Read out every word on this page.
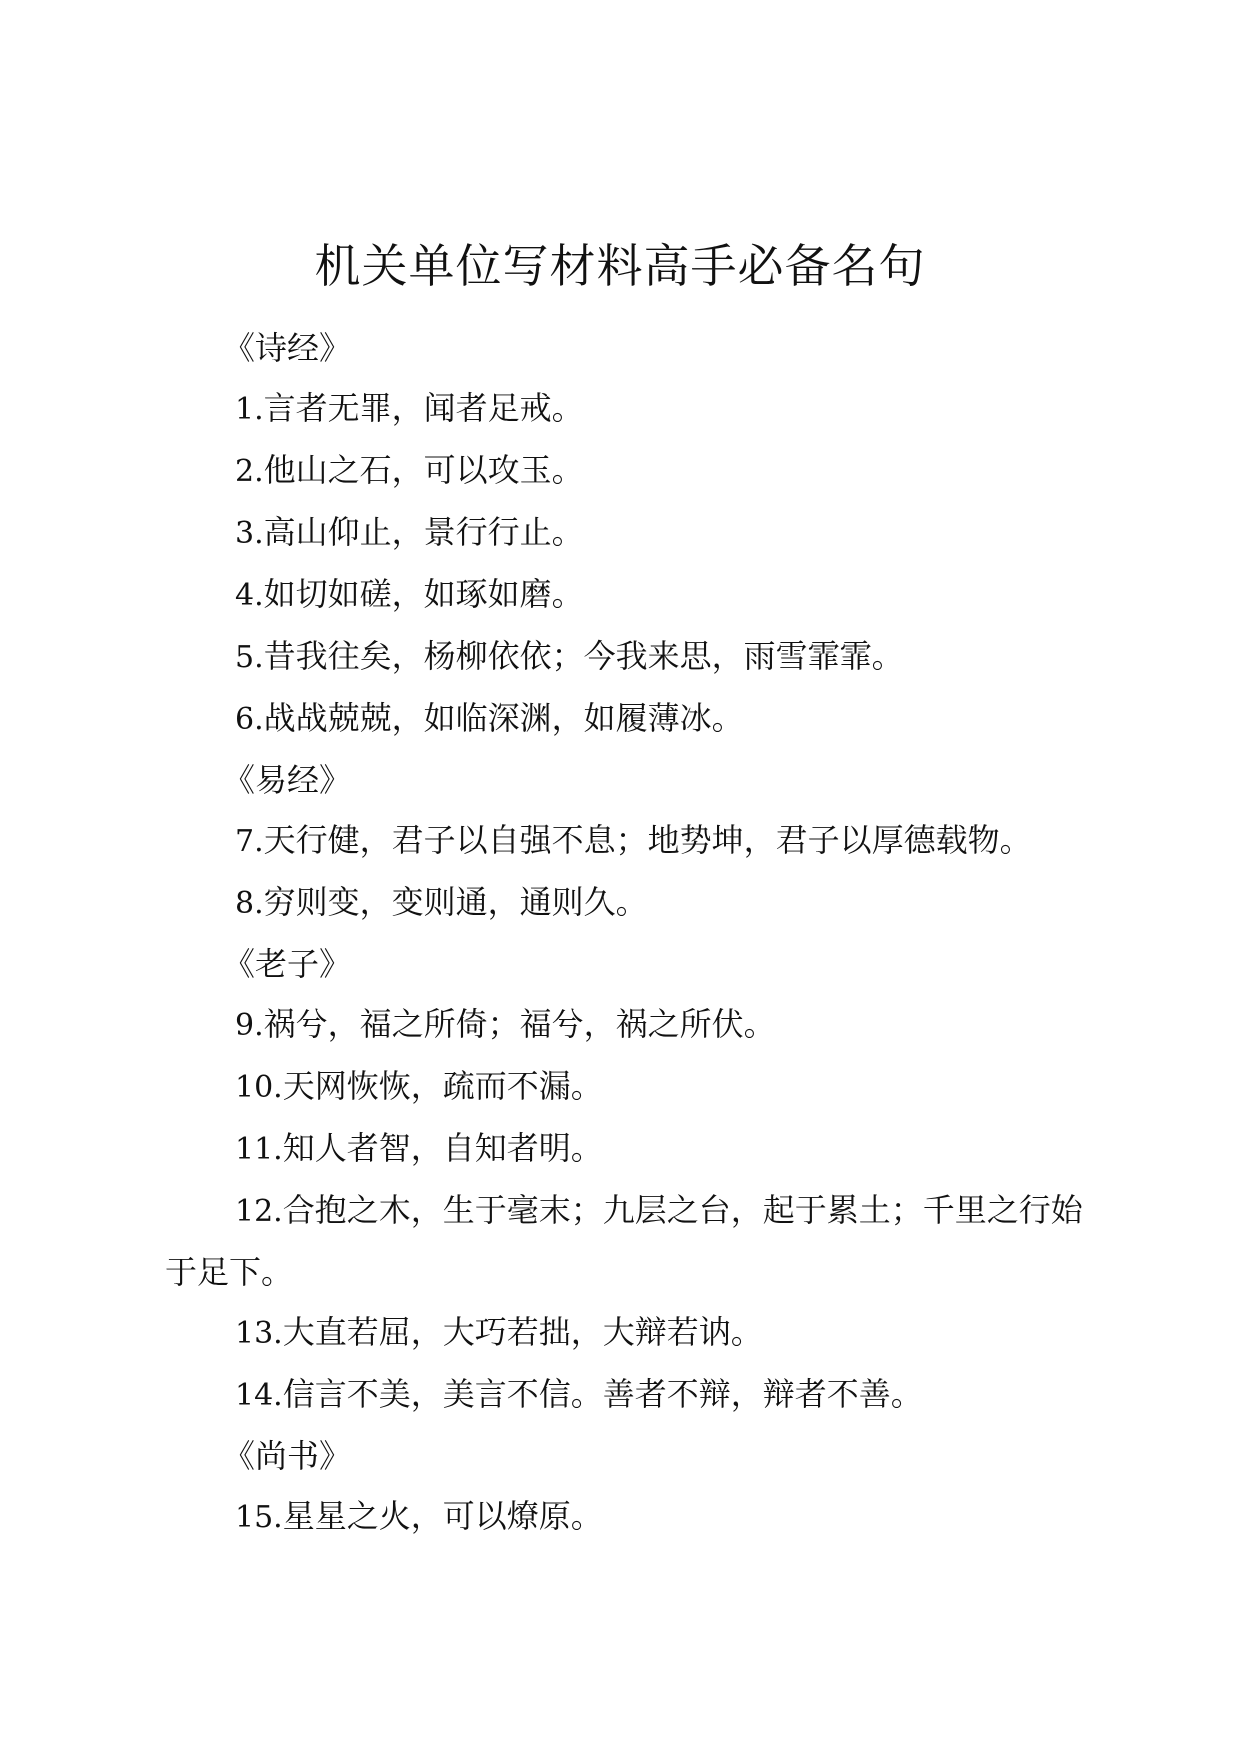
机关单位写材料高手必备名句
《诗经》
1.言者无罪，闻者足戒。
2.他山之石，可以攻玉。
3.高山仰止，景行行止。
4.如切如磋，如琢如磨。
5.昔我往矣，杨柳依依；今我来思，雨雪霏霏。
6.战战兢兢，如临深渊，如履薄冰。
《易经》
7.天行健，君子以自强不息；地势坤，君子以厚德载物。
8.穷则变，变则通，通则久。
《老子》
9.祸兮，福之所倚；福兮，祸之所伏。
10.天网恢恢，疏而不漏。
11.知人者智，自知者明。
12.合抱之木，生于毫末；九层之台，起于累土；千里之行始于足下。
13.大直若屈，大巧若拙，大辩若讷。
14.信言不美，美言不信。善者不辩，辩者不善。
《尚书》
15.星星之火，可以燎原。
